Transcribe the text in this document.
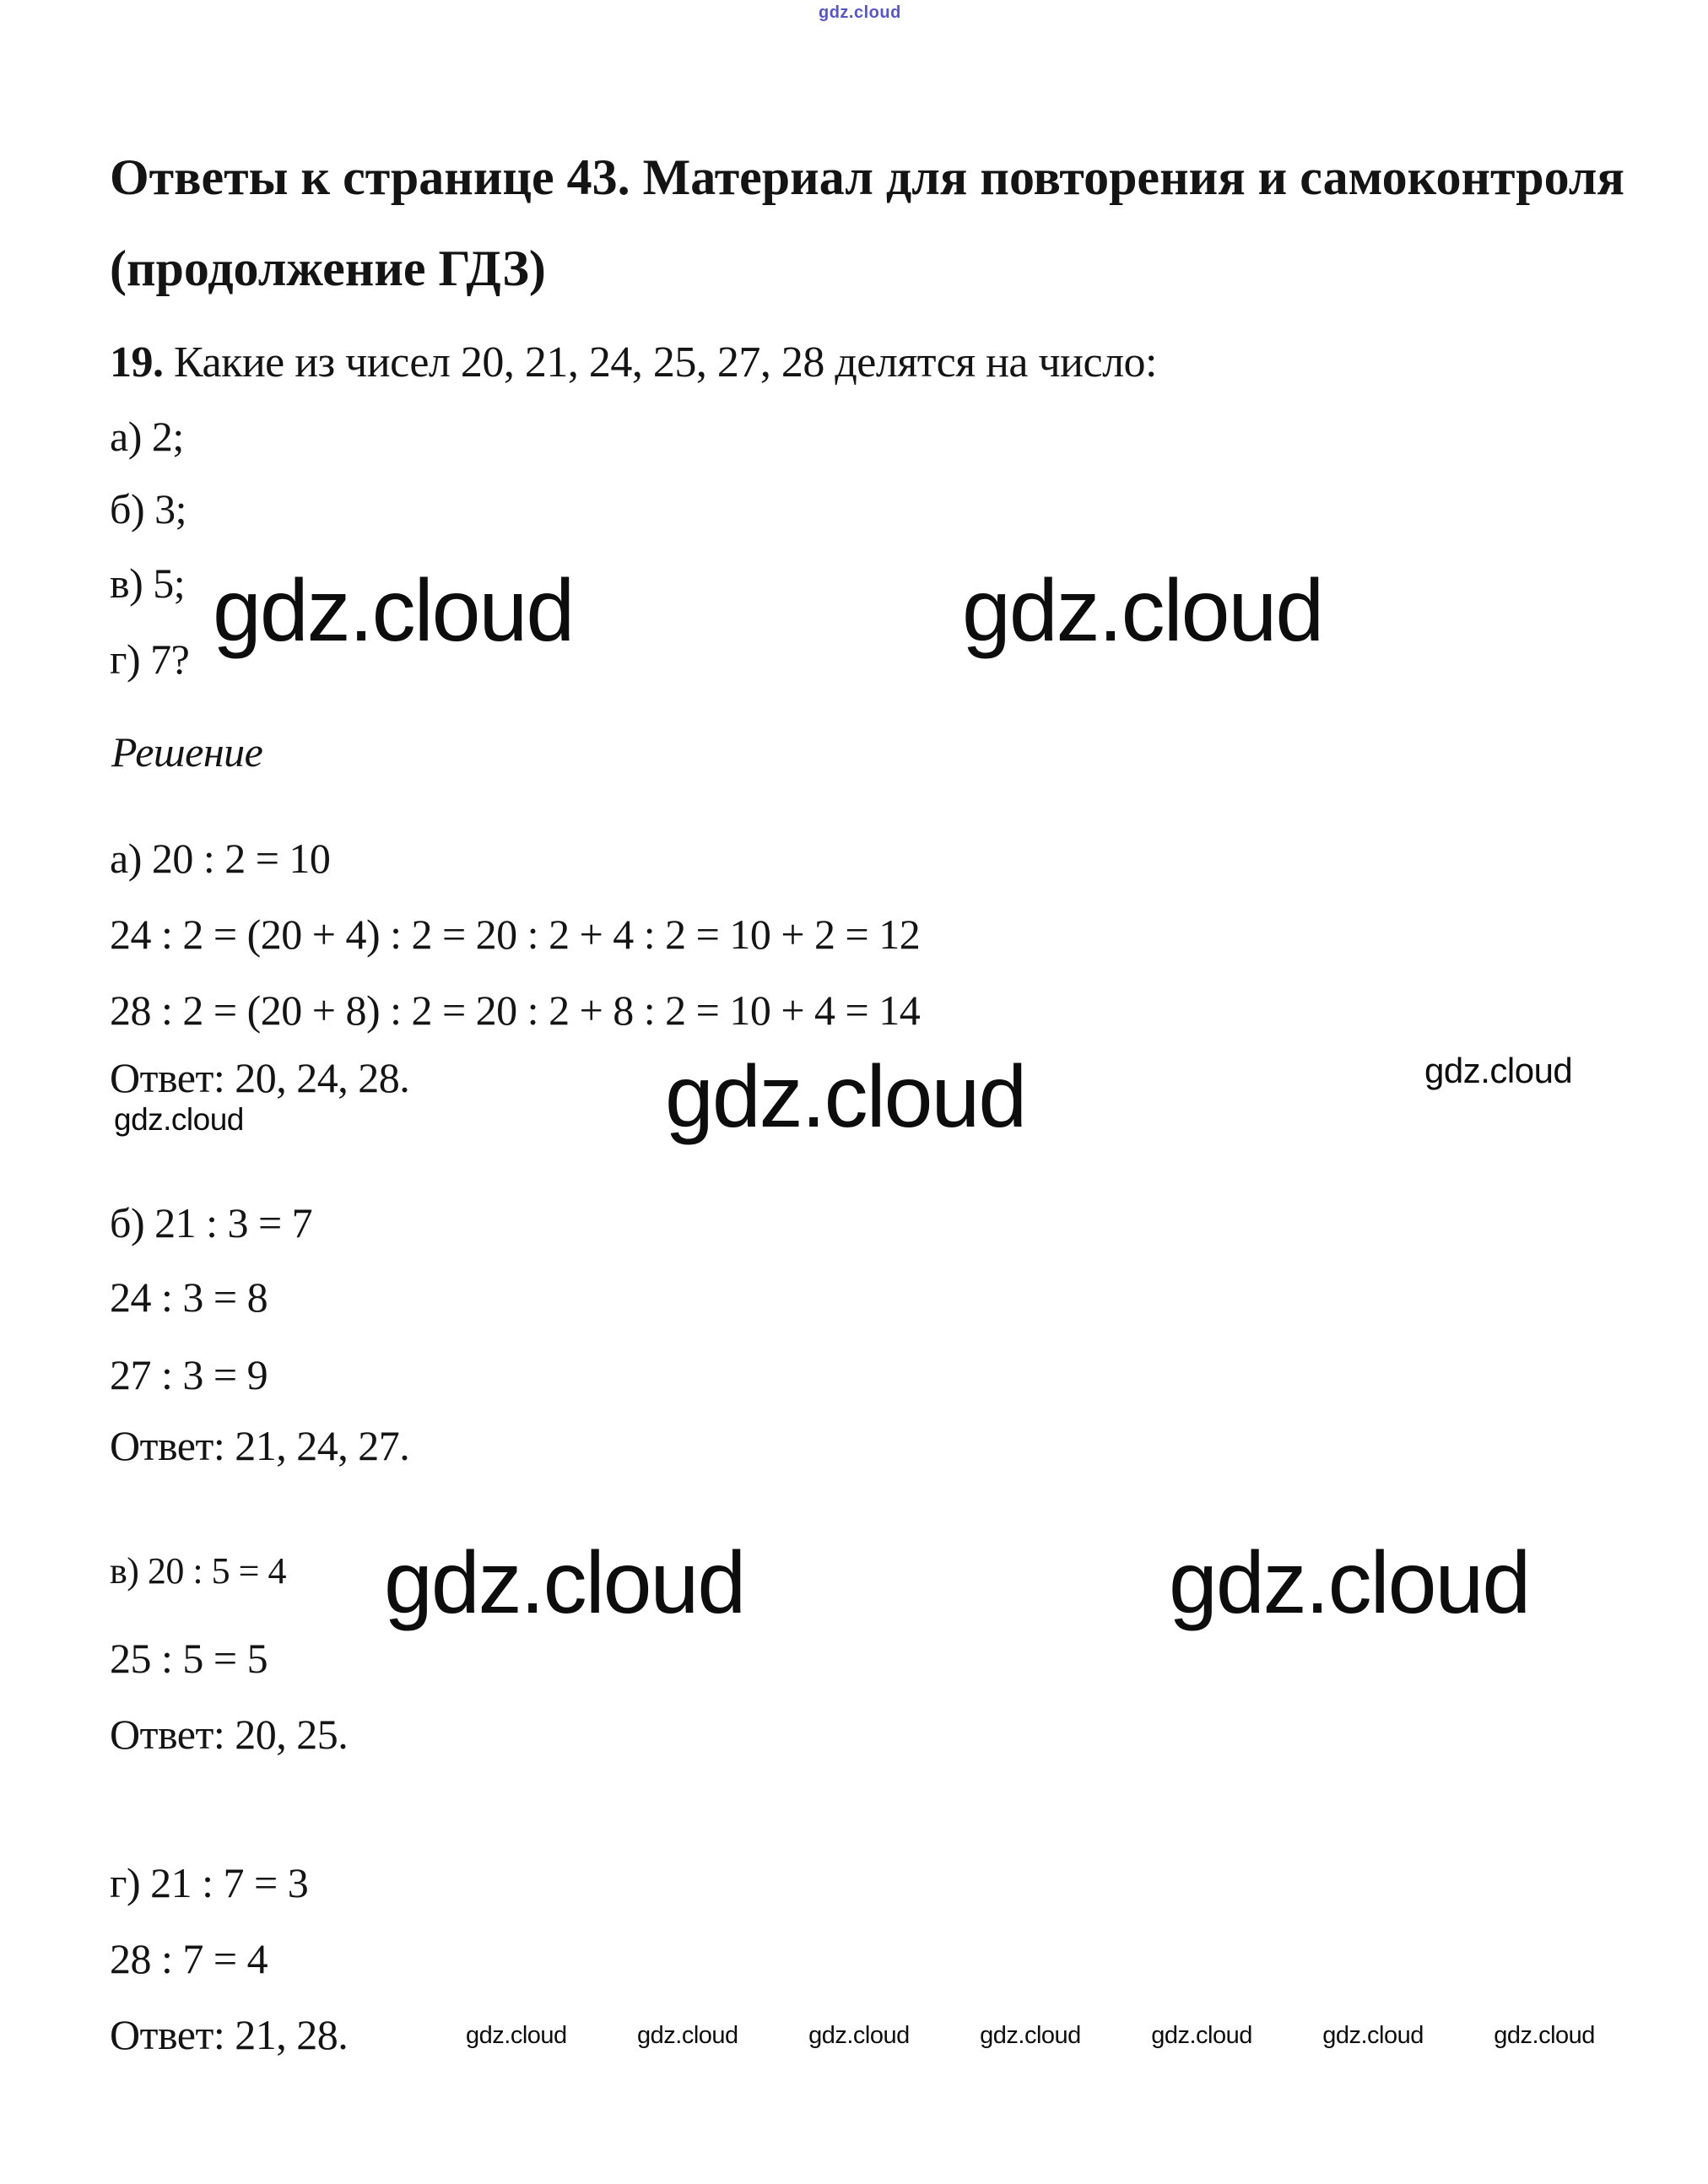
gdz.cloud
Ответы к странице 43. Материал для повторения и самоконтроля
(продолжение ГДЗ)
19. Какие из чисел 20, 21, 24, 25, 27, 28 делятся на число:
а) 2;
б) 3;
в) 5;
г) 7? gdz.cloud	gdz.cloud
Решение
а) 20 : 2 = 10
24 : 2 = (20 + 4) : 2 = 20 : 2 + 4 : 2 = 10 + 2 = 12
28 : 2 = (20 + 8) : 2 = 20 : 2 + 8 : 2 = 10 + 4 = 14
Ответ: 20, 24, 28.
gdz.cloud	gdz.cloud	gdz.cloud
б) 21 : 3 = 7
24 : 3 = 8
27 : 3 = 9
Ответ: 21, 24, 27.
в) 20 : 5 = 4 gdz.cloud	gdz.cloud
25 : 5 = 5
Ответ: 20, 25.
г) 21 : 7 = 3
28 : 7 = 4
Ответ: 21, 28.	gdz.cloud	gdz.cloud	gdz.cloud	gdz.cloud	gdz.cloud	gdz.cloud	gdz.cloud
